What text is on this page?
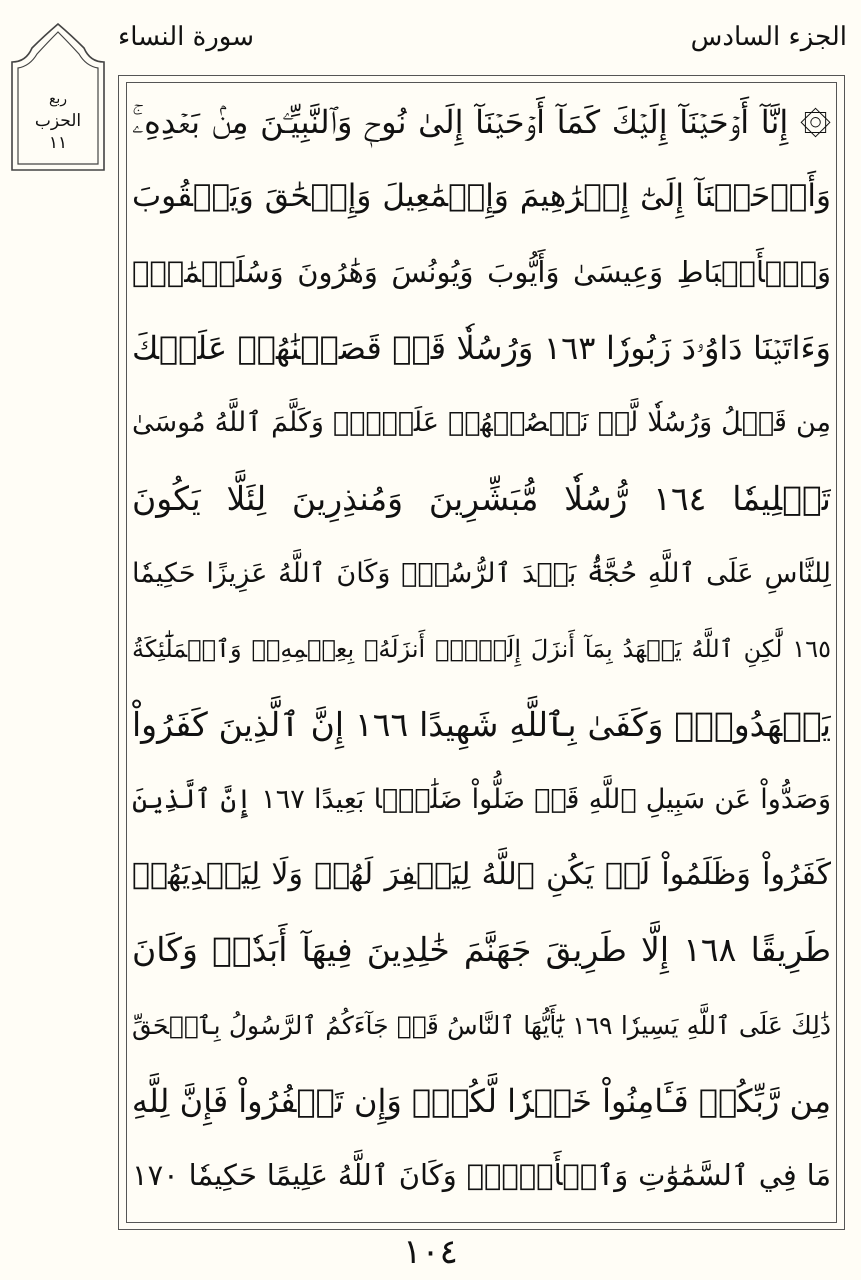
سورة النساء	الجزء السادس
ربع
الحزب
١١
۞ إِنَّآ أَوۡحَيۡنَآ إِلَيۡكَ كَمَآ أَوۡحَيۡنَآ إِلَىٰ نُوحٖ وَٱلنَّبِيِّـۧنَ مِنۢ بَعۡدِهِۦۚ
وَأَوۡحَيۡنَآ إِلَىٰٓ إِبۡرَٰهِيمَ وَإِسۡمَٰعِيلَ وَإِسۡحَٰقَ وَيَعۡقُوبَ
وَٱلۡأَسۡبَاطِ وَعِيسَىٰ وَأَيُّوبَ وَيُونُسَ وَهَٰرُونَ وَسُلَيۡمَٰنَۚ
وَءَاتَيۡنَا دَاوُۥدَ زَبُورٗا ١٦٣ وَرُسُلٗا قَدۡ قَصَصۡنَٰهُمۡ عَلَيۡكَ
مِن قَبۡلُ وَرُسُلٗا لَّمۡ نَقۡصُصۡهُمۡ عَلَيۡكَۚ وَكَلَّمَ ٱللَّهُ مُوسَىٰ
تَكۡلِيمٗا ١٦٤ رُّسُلٗا مُّبَشِّرِينَ وَمُنذِرِينَ لِئَلَّا يَكُونَ
لِلنَّاسِ عَلَى ٱللَّهِ حُجَّةُۢ بَعۡدَ ٱلرُّسُلِۚ وَكَانَ ٱللَّهُ عَزِيزًا حَكِيمٗا
١٦٥ لَّٰكِنِ ٱللَّهُ يَشۡهَدُ بِمَآ أَنزَلَ إِلَيۡكَۖ أَنزَلَهُۥ بِعِلۡمِهِۦۖ وَٱلۡمَلَٰٓئِكَةُ
يَشۡهَدُونَۚ وَكَفَىٰ بِٱللَّهِ شَهِيدًا ١٦٦ إِنَّ ٱلَّذِينَ كَفَرُواْ
وَصَدُّواْ عَن سَبِيلِ ٱللَّهِ قَدۡ ضَلُّواْ ضَلَٰلَۢا بَعِيدًا ١٦٧ إِنَّ ٱلَّذِينَ
كَفَرُواْ وَظَلَمُواْ لَمۡ يَكُنِ ٱللَّهُ لِيَغۡفِرَ لَهُمۡ وَلَا لِيَهۡدِيَهُمۡ
طَرِيقًا ١٦٨ إِلَّا طَرِيقَ جَهَنَّمَ خَٰلِدِينَ فِيهَآ أَبَدٗاۚ وَكَانَ
ذَٰلِكَ عَلَى ٱللَّهِ يَسِيرٗا ١٦٩ يَٰٓأَيُّهَا ٱلنَّاسُ قَدۡ جَآءَكُمُ ٱلرَّسُولُ بِٱلۡحَقِّ
مِن رَّبِّكُمۡ فَـَٔامِنُواْ خَيۡرٗا لَّكُمۡۚ وَإِن تَكۡفُرُواْ فَإِنَّ لِلَّهِ
مَا فِي ٱلسَّمَٰوَٰتِ وَٱلۡأَرۡضِۚ وَكَانَ ٱللَّهُ عَلِيمًا حَكِيمٗا ١٧٠
١٠٤
